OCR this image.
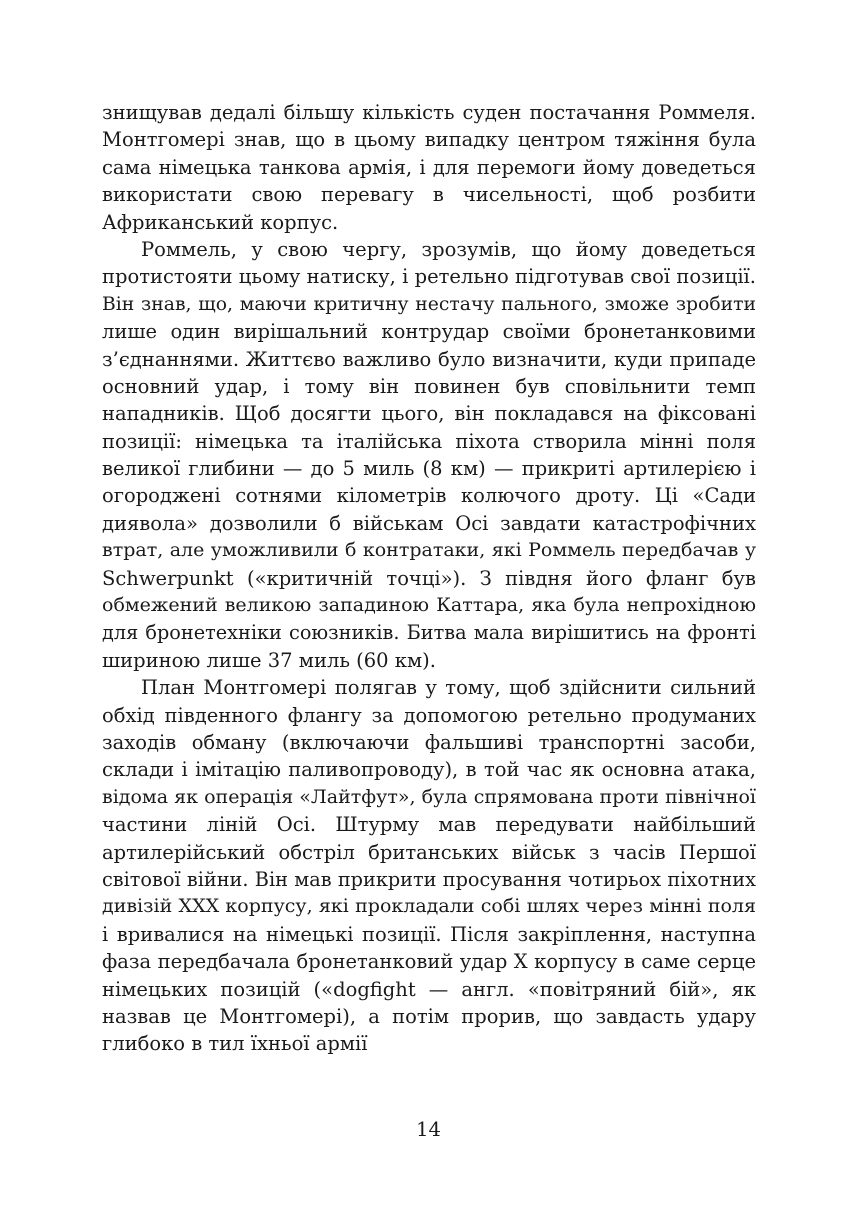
знищував дедалі більшу кількість суден постачання Роммеля.
Монтгомері знав, що в цьому випадку центром тяжіння була
сама німецька танкова армія, і для перемоги йому доведеться
використати свою перевагу в чисельності, щоб розбити
Африканський корпус.
Роммель, у свою чергу, зрозумів, що йому доведеться
протистояти цьому натиску, і ретельно підготував свої позиції.
Він знав, що, маючи критичну нестачу пального, зможе зробити
лише один вирішальний контрудар своїми бронетанковими
з’єднаннями. Життєво важливо було визначити, куди припаде
основний удар, і тому він повинен був сповільнити темп
нападників. Щоб досягти цього, він покладався на фіксовані
позиції: німецька та італійська піхота створила мінні поля
великої глибини — до 5 миль (8 км) — прикриті артилерією і
огороджені сотнями кілометрів колючого дроту. Ці «Сади
диявола» дозволили б військам Осі завдати катастрофічних
втрат, але уможливили б контратаки, які Роммель передбачав у
Schwerpunkt («критичній точці»). З півдня його фланг був
обмежений великою западиною Каттара, яка була непрохідною
для бронетехніки союзників. Битва мала вирішитись на фронті
шириною лише 37 миль (60 км).
План Монтгомері полягав у тому, щоб здійснити сильний
обхід південного флангу за допомогою ретельно продуманих
заходів обману (включаючи фальшиві транспортні засоби,
склади і імітацію паливопроводу), в той час як основна атака,
відома як операція «Лайтфут», була спрямована проти північної
частини ліній Осі. Штурму мав передувати найбільший
артилерійський обстріл британських військ з часів Першої
світової війни. Він мав прикрити просування чотирьох піхотних
дивізій XXX корпусу, які прокладали собі шлях через мінні поля
і вривалися на німецькі позиції. Після закріплення, наступна
фаза передбачала бронетанковий удар X корпусу в саме серце
німецьких позицій («dogfight — англ. «повітряний бій», як
назвав це Монтгомері), а потім прорив, що завдасть удару
глибоко в тил їхньої армії
14
